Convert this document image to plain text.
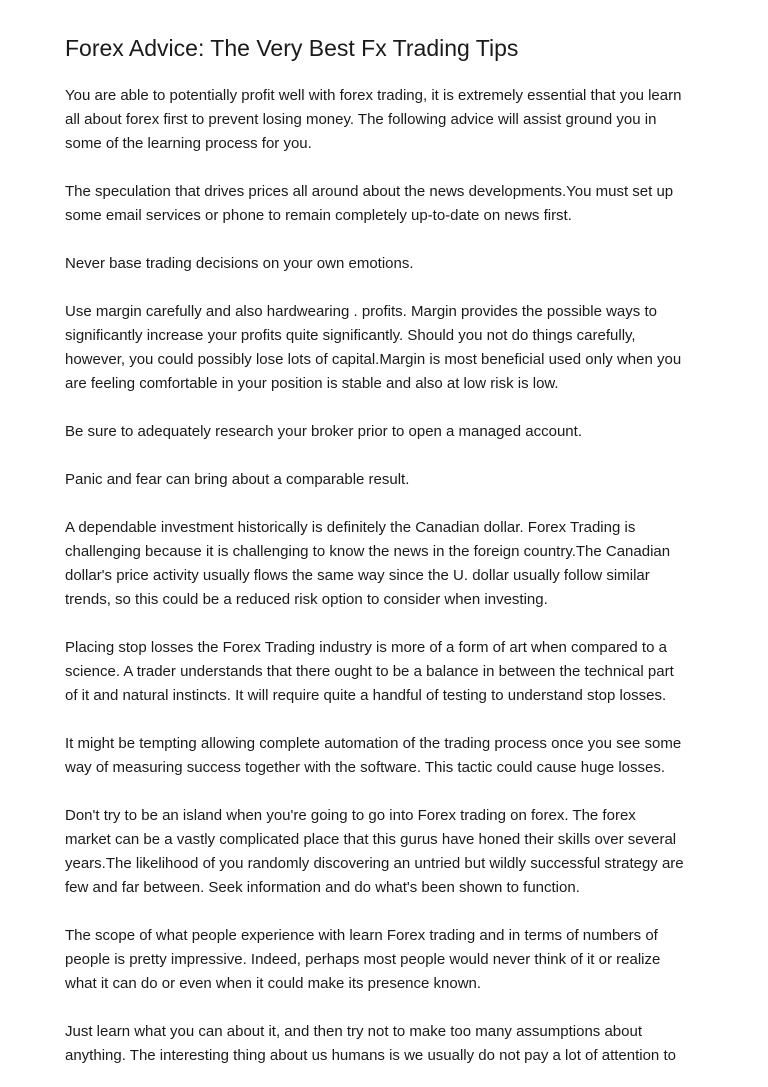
Forex Advice: The Very Best Fx Trading Tips

You are able to potentially profit well with forex trading, it is extremely essential that you learn
all about forex first to prevent losing money. The following advice will assist ground you in
some of the learning process for you.

The speculation that drives prices all around about the news developments.You must set up
some email services or phone to remain completely up-to-date on news first.

Never base trading decisions on your own emotions.

Use margin carefully and also hardwearing . profits. Margin provides the possible ways to
significantly increase your profits quite significantly. Should you not do things carefully,
however, you could possibly lose lots of capital.Margin is most beneficial used only when you
are feeling comfortable in your position is stable and also at low risk is low.

Be sure to adequately research your broker prior to open a managed account.

Panic and fear can bring about a comparable result.

A dependable investment historically is definitely the Canadian dollar. Forex Trading is
challenging because it is challenging to know the news in the foreign country.The Canadian
dollar's price activity usually flows the same way since the U. dollar usually follow similar
trends, so this could be a reduced risk option to consider when investing.

Placing stop losses the Forex Trading industry is more of a form of art when compared to a
science. A trader understands that there ought to be a balance in between the technical part
of it and natural instincts. It will require quite a handful of testing to understand stop losses.

It might be tempting allowing complete automation of the trading process once you see some
way of measuring success together with the software. This tactic could cause huge losses.

Don't try to be an island when you're going to go into Forex trading on forex. The forex
market can be a vastly complicated place that this gurus have honed their skills over several
years.The likelihood of you randomly discovering an untried but wildly successful strategy are
few and far between. Seek information and do what's been shown to function.

The scope of what people experience with learn Forex trading and in terms of numbers of
people is pretty impressive. Indeed, perhaps most people would never think of it or realize
what it can do or even when it could make its presence known.

Just learn what you can about it, and then try not to make too many assumptions about
anything. The interesting thing about us humans is we usually do not pay a lot of attention to
